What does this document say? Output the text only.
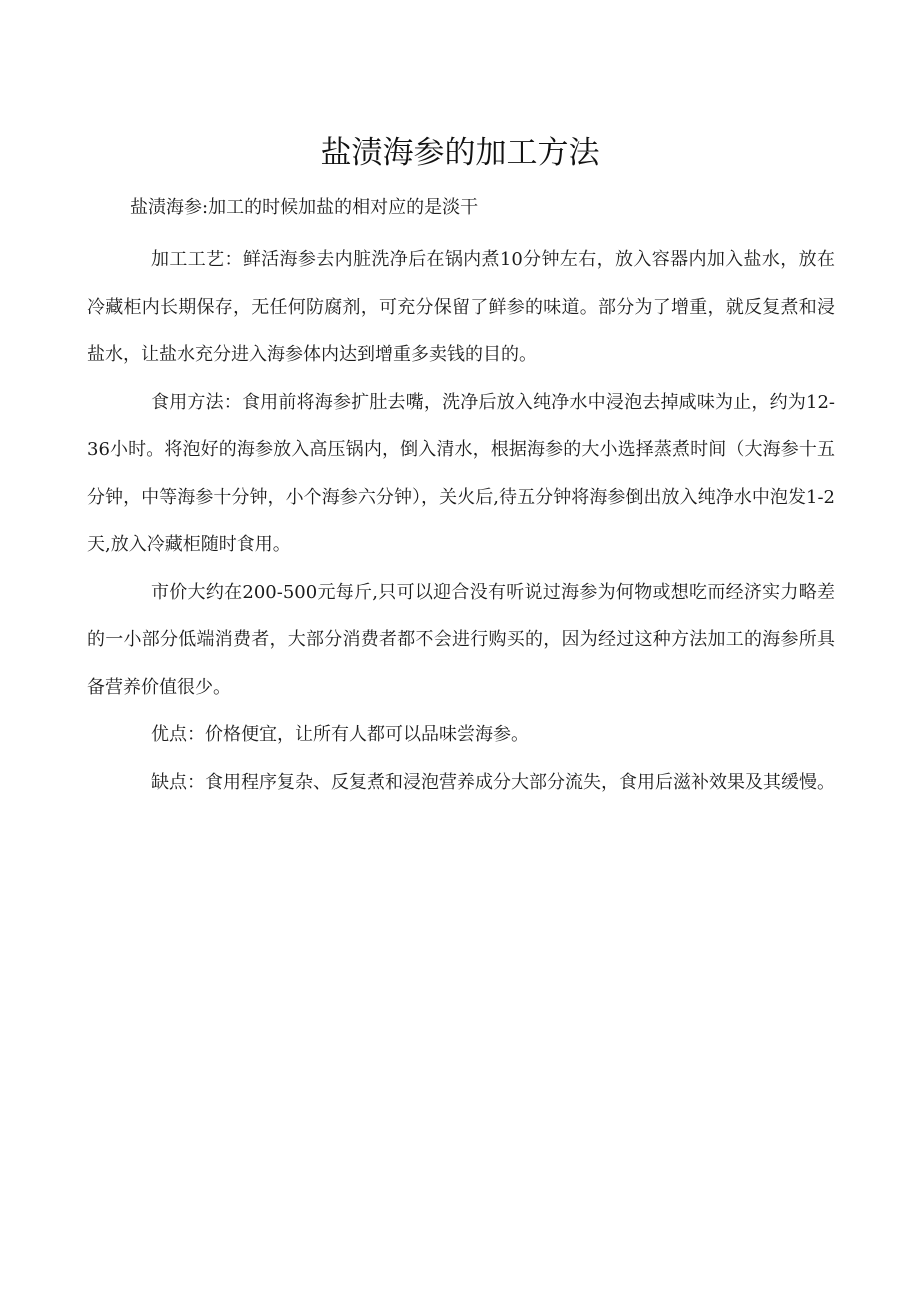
盐渍海参的加工方法

盐渍海参:加工的时候加盐的相对应的是淡干

加工工艺：鲜活海参去内脏洗净后在锅内煮10分钟左右，放入容器内加入盐水，放在冷藏柜内长期保存，无任何防腐剂，可充分保留了鲜参的味道。部分为了增重，就反复煮和浸盐水，让盐水充分进入海参体内达到增重多卖钱的目的。

食用方法：食用前将海参扩肚去嘴，洗净后放入纯净水中浸泡去掉咸味为止，约为12-36小时。将泡好的海参放入高压锅内，倒入清水，根据海参的大小选择蒸煮时间（大海参十五分钟，中等海参十分钟，小个海参六分钟），关火后,待五分钟将海参倒出放入纯净水中泡发1-2天,放入冷藏柜随时食用。

市价大约在200-500元每斤,只可以迎合没有听说过海参为何物或想吃而经济实力略差的一小部分低端消费者，大部分消费者都不会进行购买的，因为经过这种方法加工的海参所具备营养价值很少。

优点：价格便宜，让所有人都可以品味尝海参。

缺点：食用程序复杂、反复煮和浸泡营养成分大部分流失，食用后滋补效果及其缓慢。
